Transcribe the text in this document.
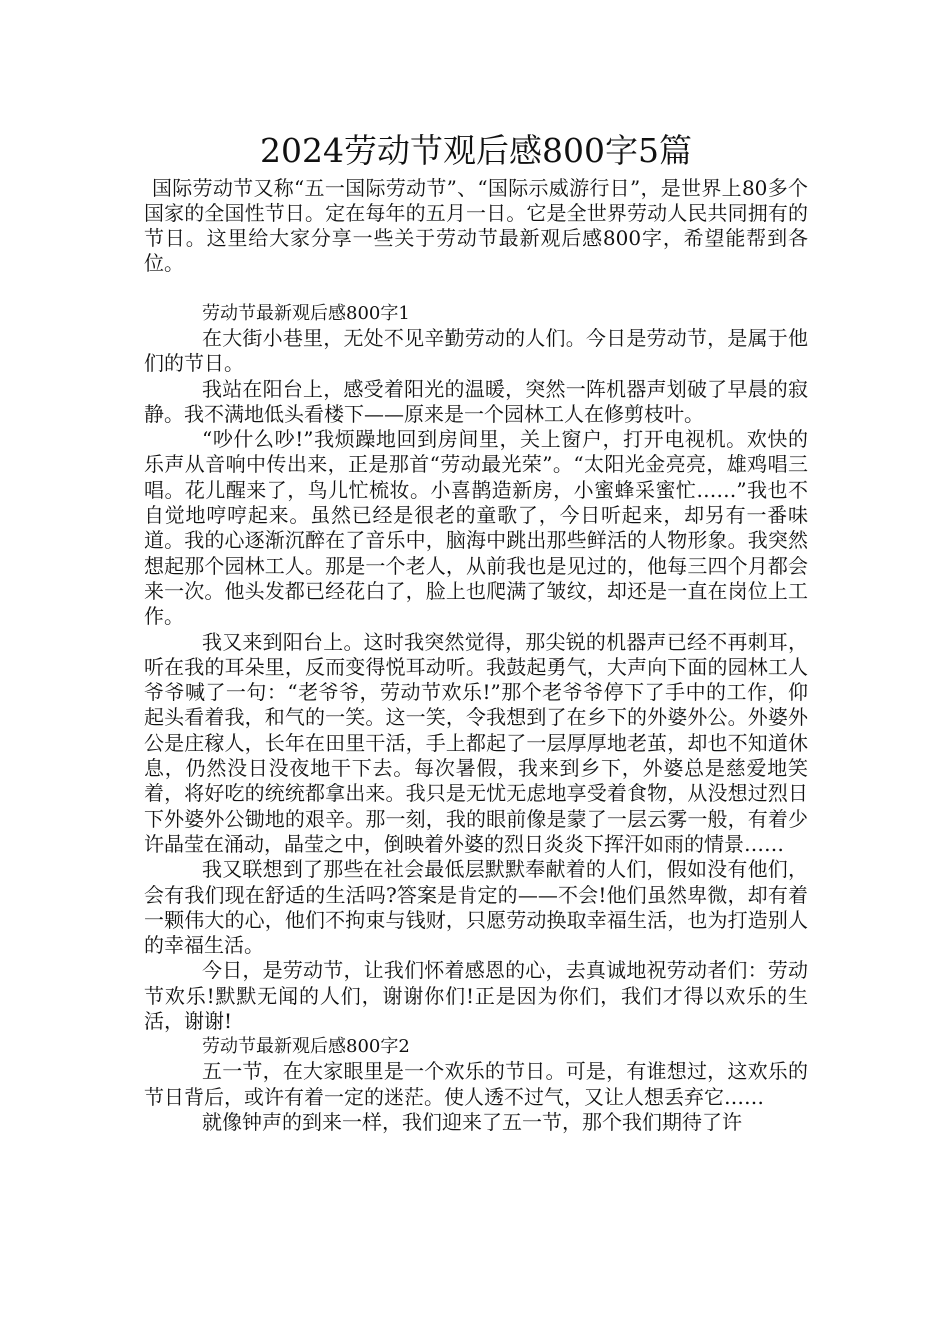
2024劳动节观后感800字5篇

国际劳动节又称“五一国际劳动节”、“国际示威游行日”，是世界上80多个国家的全国性节日。定在每年的五月一日。它是全世界劳动人民共同拥有的节日。这里给大家分享一些关于劳动节最新观后感800字，希望能帮到各位。

劳动节最新观后感800字1

在大街小巷里，无处不见辛勤劳动的人们。今日是劳动节，是属于他们的节日。

我站在阳台上，感受着阳光的温暖，突然一阵机器声划破了早晨的寂静。我不满地低头看楼下——原来是一个园林工人在修剪枝叶。

“吵什么吵!”我烦躁地回到房间里，关上窗户，打开电视机。欢快的乐声从音响中传出来，正是那首“劳动最光荣”。“太阳光金亮亮，雄鸡唱三唱。花儿醒来了，鸟儿忙梳妆。小喜鹊造新房，小蜜蜂采蜜忙……”我也不自觉地哼哼起来。虽然已经是很老的童歌了，今日听起来，却另有一番味道。我的心逐渐沉醉在了音乐中，脑海中跳出那些鲜活的人物形象。我突然想起那个园林工人。那是一个老人，从前我也是见过的，他每三四个月都会来一次。他头发都已经花白了，脸上也爬满了皱纹，却还是一直在岗位上工作。

我又来到阳台上。这时我突然觉得，那尖锐的机器声已经不再刺耳，听在我的耳朵里，反而变得悦耳动听。我鼓起勇气，大声向下面的园林工人爷爷喊了一句：“老爷爷，劳动节欢乐!”那个老爷爷停下了手中的工作，仰起头看着我，和气的一笑。这一笑，令我想到了在乡下的外婆外公。外婆外公是庄稼人，长年在田里干活，手上都起了一层厚厚地老茧，却也不知道休息，仍然没日没夜地干下去。每次暑假，我来到乡下，外婆总是慈爱地笑着，将好吃的统统都拿出来。我只是无忧无虑地享受着食物，从没想过烈日下外婆外公锄地的艰辛。那一刻，我的眼前像是蒙了一层云雾一般，有着少许晶莹在涌动，晶莹之中，倒映着外婆的烈日炎炎下挥汗如雨的情景……

我又联想到了那些在社会最低层默默奉献着的人们，假如没有他们，会有我们现在舒适的生活吗?答案是肯定的——不会!他们虽然卑微，却有着一颗伟大的心，他们不拘束与钱财，只愿劳动换取幸福生活，也为打造别人的幸福生活。

今日，是劳动节，让我们怀着感恩的心，去真诚地祝劳动者们：劳动节欢乐!默默无闻的人们，谢谢你们!正是因为你们，我们才得以欢乐的生活，谢谢!

劳动节最新观后感800字2

五一节，在大家眼里是一个欢乐的节日。可是，有谁想过，这欢乐的节日背后，或许有着一定的迷茫。使人透不过气，又让人想丢弃它……

就像钟声的到来一样，我们迎来了五一节，那个我们期待了许
